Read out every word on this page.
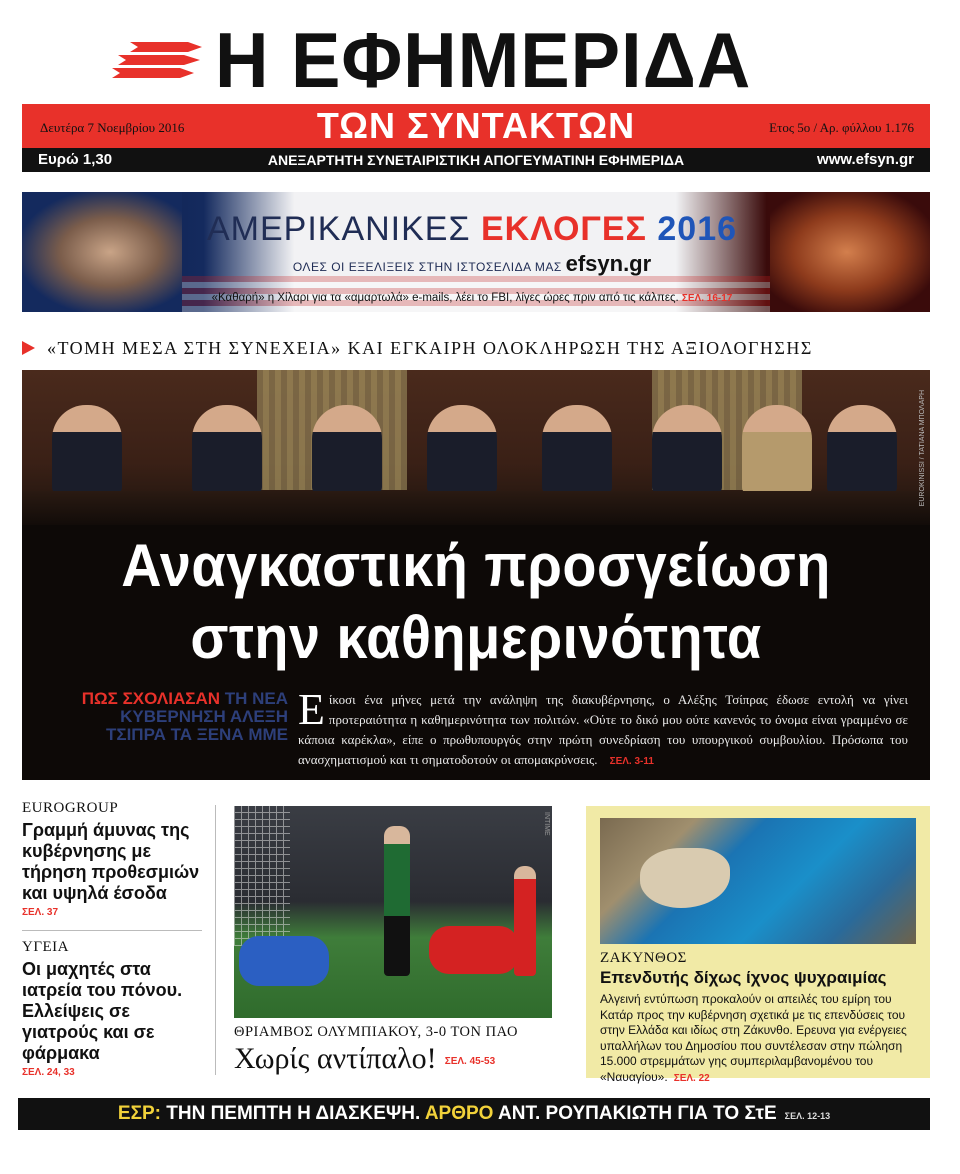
Η ΕΦΗΜΕΡΙΔΑ
Δευτέρα 7 Νοεμβρίου 2016	ΤΩΝ ΣΥΝΤΑΚΤΩΝ	Ετος 5ο / Αρ. φύλλου 1.176
Ευρώ 1,30	ΑΝΕΞΑΡΤΗΤΗ ΣΥΝΕΤΑΙΡΙΣΤΙΚΗ ΑΠΟΓΕΥΜΑΤΙΝΗ ΕΦΗΜΕΡΙΔΑ	www.efsyn.gr
ΑΜΕΡΙΚΑΝΙΚΕΣ ΕΚΛΟΓΕΣ 2016
ΟΛΕΣ ΟΙ ΕΞΕΛΙΞΕΙΣ ΣΤΗΝ ΙΣΤΟΣΕΛΙΔΑ ΜΑΣ efsyn.gr
«Καθαρή» η Χίλαρι για τα «αμαρτωλά» e-mails, λέει το FBI, λίγες ώρες πριν από τις κάλπες. ΣΕΛ. 16-17
«ΤΟΜΗ ΜΕΣΑ ΣΤΗ ΣΥΝΕΧΕΙΑ» ΚΑΙ ΕΓΚΑΙΡΗ ΟΛΟΚΛΗΡΩΣΗ ΤΗΣ ΑΞΙΟΛΟΓΗΣΗΣ
EUROKINISSI / ΤΑΤΙΑΝΑ ΜΠΟΛΑΡΗ
Αναγκαστική προσγείωση
στην καθημερινότητα
ΠΩΣ ΣΧΟΛΙΑΣΑΝ ΤΗ ΝΕΑ
ΚΥΒΕΡΝΗΣΗ ΑΛΕΞΗ
ΤΣΙΠΡΑ ΤΑ ΞΕΝΑ ΜΜΕ
Είκοσι ένα μήνες μετά την ανάληψη της διακυβέρνησης, ο Αλέξης Τσίπρας έδωσε εντολή να γίνει προτεραιότητα η καθημερινότητα των πολιτών. «Ούτε το δικό μου ούτε κανενός το όνομα είναι γραμμένο σε κάποια καρέκλα», είπε ο πρωθυπουργός στην πρώτη συνεδρίαση του υπουργικού συμβουλίου. Πρόσωπα του ανασχηματισμού και τι σηματοδοτούν οι απομακρύνσεις. ΣΕΛ. 3-11
EUROGROUP
Γραμμή άμυνας της κυβέρνησης με τήρηση προθεσμιών και υψηλά έσοδα
ΣΕΛ. 37
ΥΓΕΙΑ
Οι μαχητές στα ιατρεία του πόνου. Ελλείψεις σε γιατρούς και σε φάρμακα
ΣΕΛ. 24, 33
INTIME
ΘΡΙΑΜΒΟΣ ΟΛΥΜΠΙΑΚΟΥ, 3-0 ΤΟΝ ΠΑΟ
Χωρίς αντίπαλο! ΣΕΛ. 45-53
ΖΑΚΥΝΘΟΣ
Επενδυτής δίχως ίχνος ψυχραιμίας
Αλγεινή εντύπωση προκαλούν οι απειλές του εμίρη του Κατάρ προς την κυβέρνηση σχετικά με τις επενδύσεις του στην Ελλάδα και ιδίως στη Ζάκυνθο. Ερευνα για ενέργειες υπαλλήλων του Δημοσίου που συντέλεσαν στην πώληση 15.000 στρεμμάτων γης συμπεριλαμβανομένου του «Ναυαγίου». ΣΕΛ. 22
ΕΣΡ: ΤΗΝ ΠΕΜΠΤΗ Η ΔΙΑΣΚΕΨΗ. ΑΡΘΡΟ ΑΝΤ. ΡΟΥΠΑΚΙΩΤΗ ΓΙΑ ΤΟ ΣτΕ ΣΕΛ. 12-13
